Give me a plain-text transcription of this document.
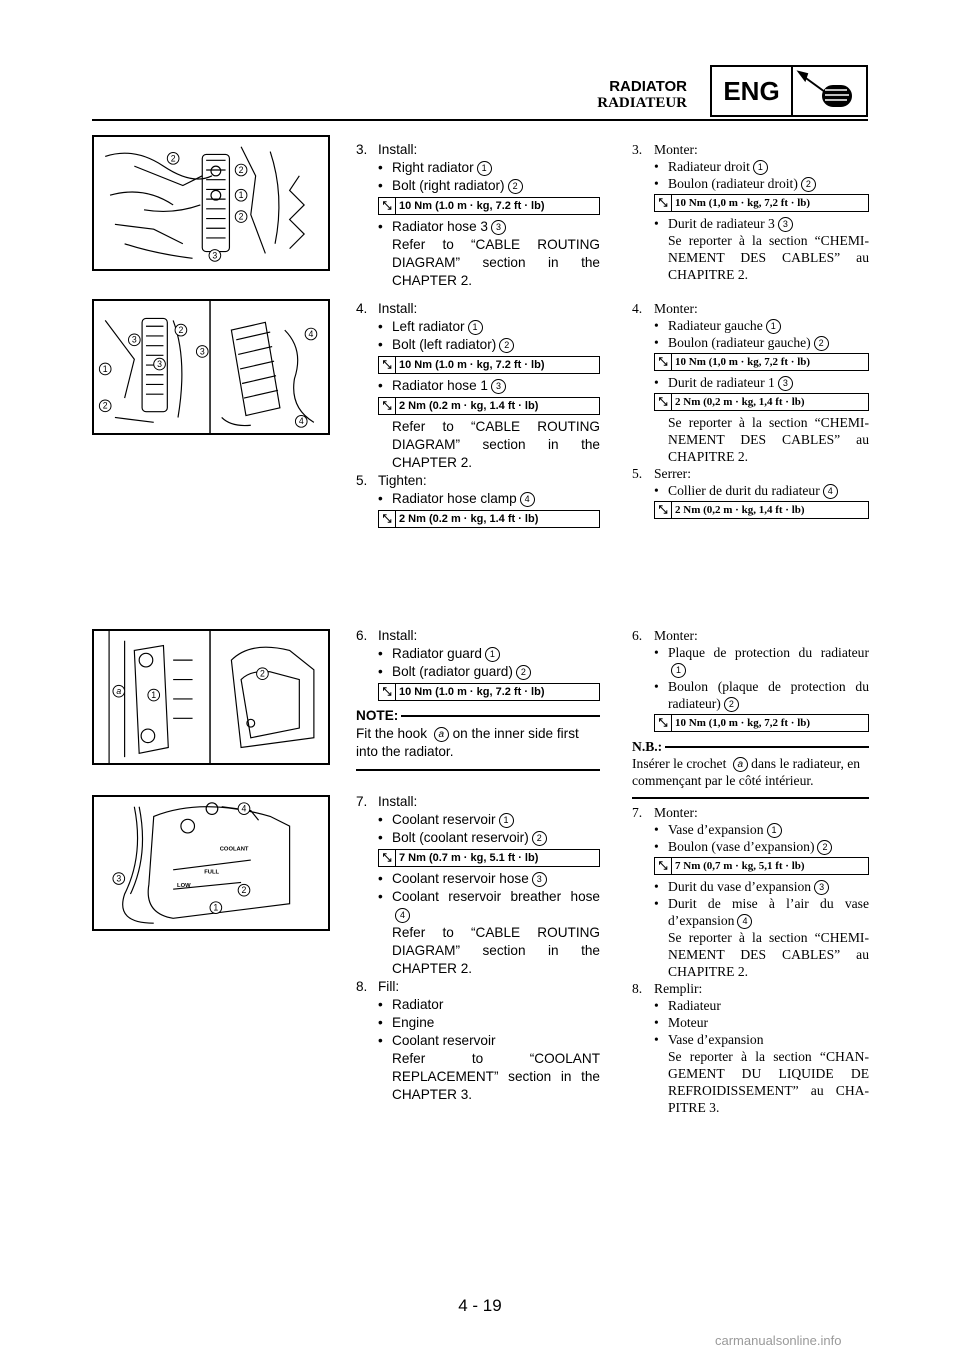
RADIATOR
RADIATEUR	ENG
2
2
1
2
3
2
3
1	3
2
3
4
4
a	1
2
COOLANT
FULL
LOW
4
3
2
1
3. Install:
• Right radiator 1
• Bolt (right radiator) 2
⤡ 10 Nm (1.0 m · kg, 7.2 ft · lb)
• Radiator hose 3 3
Refer to “CABLE ROUTING DIAGRAM” section in the CHAPTER 2.
4. Install:
• Left radiator 1
• Bolt (left radiator) 2
⤡ 10 Nm (1.0 m · kg, 7.2 ft · lb)
• Radiator hose 1 3
⤡ 2 Nm (0.2 m · kg, 1.4 ft · lb)
Refer to “CABLE ROUTING DIAGRAM” section in the CHAPTER 2.
5. Tighten:
• Radiator hose clamp 4
⤡ 2 Nm (0.2 m · kg, 1.4 ft · lb)
6. Install:
• Radiator guard 1
• Bolt (radiator guard) 2
⤡ 10 Nm (1.0 m · kg, 7.2 ft · lb)
NOTE:
Fit the hook a on the inner side first into the radiator.
7. Install:
• Coolant reservoir 1
• Bolt (coolant reservoir) 2
⤡ 7 Nm (0.7 m · kg, 5.1 ft · lb)
• Coolant reservoir hose 3
• Coolant reservoir breather hose4
Refer to “CABLE ROUTING DIAGRAM” section in the CHAPTER 2.
8. Fill:
• Radiator
• Engine
• Coolant reservoir
Refer to “COOLANT REPLACEMENT” section in the CHAPTER 3.
3. Monter:
• Radiateur droit 1
• Boulon (radiateur droit) 2
⤡ 10 Nm (1,0 m · kg, 7,2 ft · lb)
• Durit de radiateur 3 3
Se reporter à la section “CHEMI-NEMENT DES CABLES” au CHAPITRE 2.
4. Monter:
• Radiateur gauche 1
• Boulon (radiateur gauche) 2
⤡ 10 Nm (1,0 m · kg, 7,2 ft · lb)
• Durit de radiateur 1 3
⤡ 2 Nm (0,2 m · kg, 1,4 ft · lb)
Se reporter à la section “CHEMI-NEMENT DES CABLES” au CHAPITRE 2.
5. Serrer:
• Collier de durit du radiateur 4
⤡ 2 Nm (0,2 m · kg, 1,4 ft · lb)
6. Monter:
• Plaque de protection du radiateur 1
• Boulon (plaque de protection du radiateur) 2
⤡ 10 Nm (1,0 m · kg, 7,2 ft · lb)
N.B.:
Insérer le crochet a dans le radiateur, en commençant par le côté intérieur.
7. Monter:
• Vase d’expansion 1
• Boulon (vase d’expansion) 2
⤡ 7 Nm (0,7 m · kg, 5,1 ft · lb)
• Durit du vase d’expansion 3
• Durit de mise à l’air du vase d’expansion 4
Se reporter à la section “CHEMI-NEMENT DES CABLES” au CHAPITRE 2.
8. Remplir:
• Radiateur
• Moteur
• Vase d’expansion
Se reporter à la section “CHAN-GEMENT DU LIQUIDE DE REFROIDISSEMENT” au CHA-PITRE 3.
4 - 19
carmanualsonline.info
